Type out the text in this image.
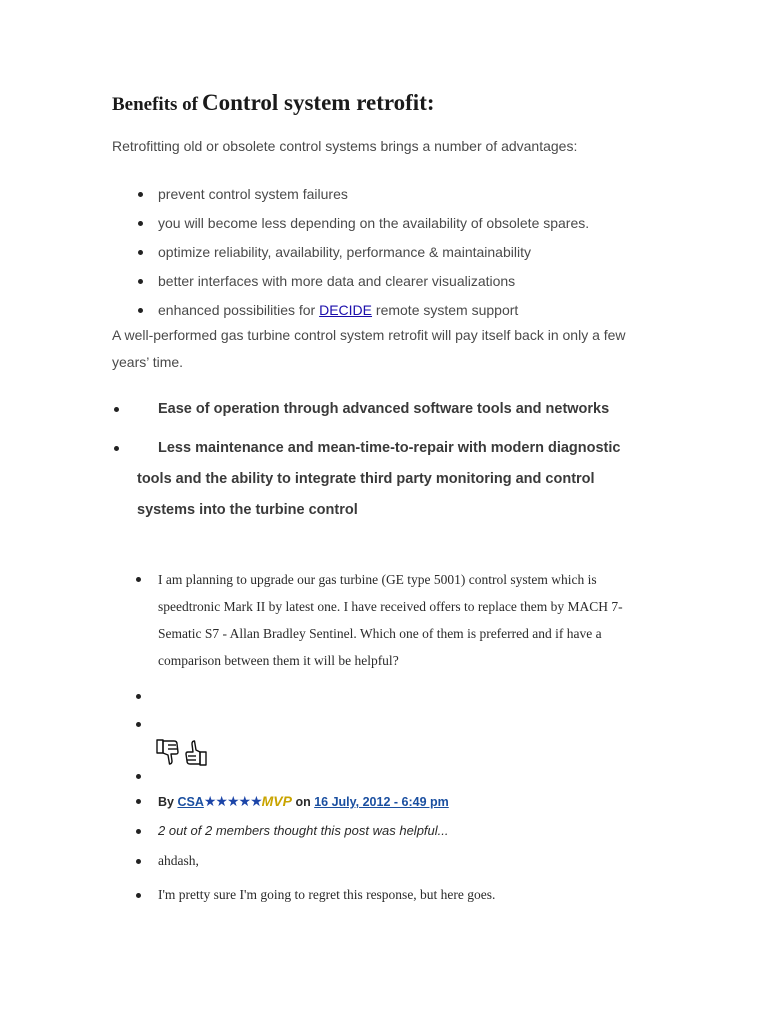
Benefits of Control system retrofit:
Retrofitting old or obsolete control systems brings a number of advantages:
prevent control system failures
you will become less depending on the availability of obsolete spares.
optimize reliability, availability, performance & maintainability
better interfaces with more data and clearer visualizations
enhanced possibilities for DECIDE remote system support
A well-performed gas turbine control system retrofit will pay itself back in only a few years’ time.
Ease of operation through advanced software tools and networks
Less maintenance and mean-time-to-repair with modern diagnostic tools and the ability to integrate third party monitoring and control systems into the turbine control
I am planning to upgrade our gas turbine (GE type 5001) control system which is speedtronic Mark II by latest one. I have received offers to replace them by MACH 7- Sematic S7 - Allan Bradley Sentinel. Which one of them is preferred and if have a comparison between them it will be helpful?
By CSA★★★★★MVP on 16 July, 2012 - 6:49 pm
2 out of 2 members thought this post was helpful...
ahdash,
I'm pretty sure I'm going to regret this response, but here goes.
